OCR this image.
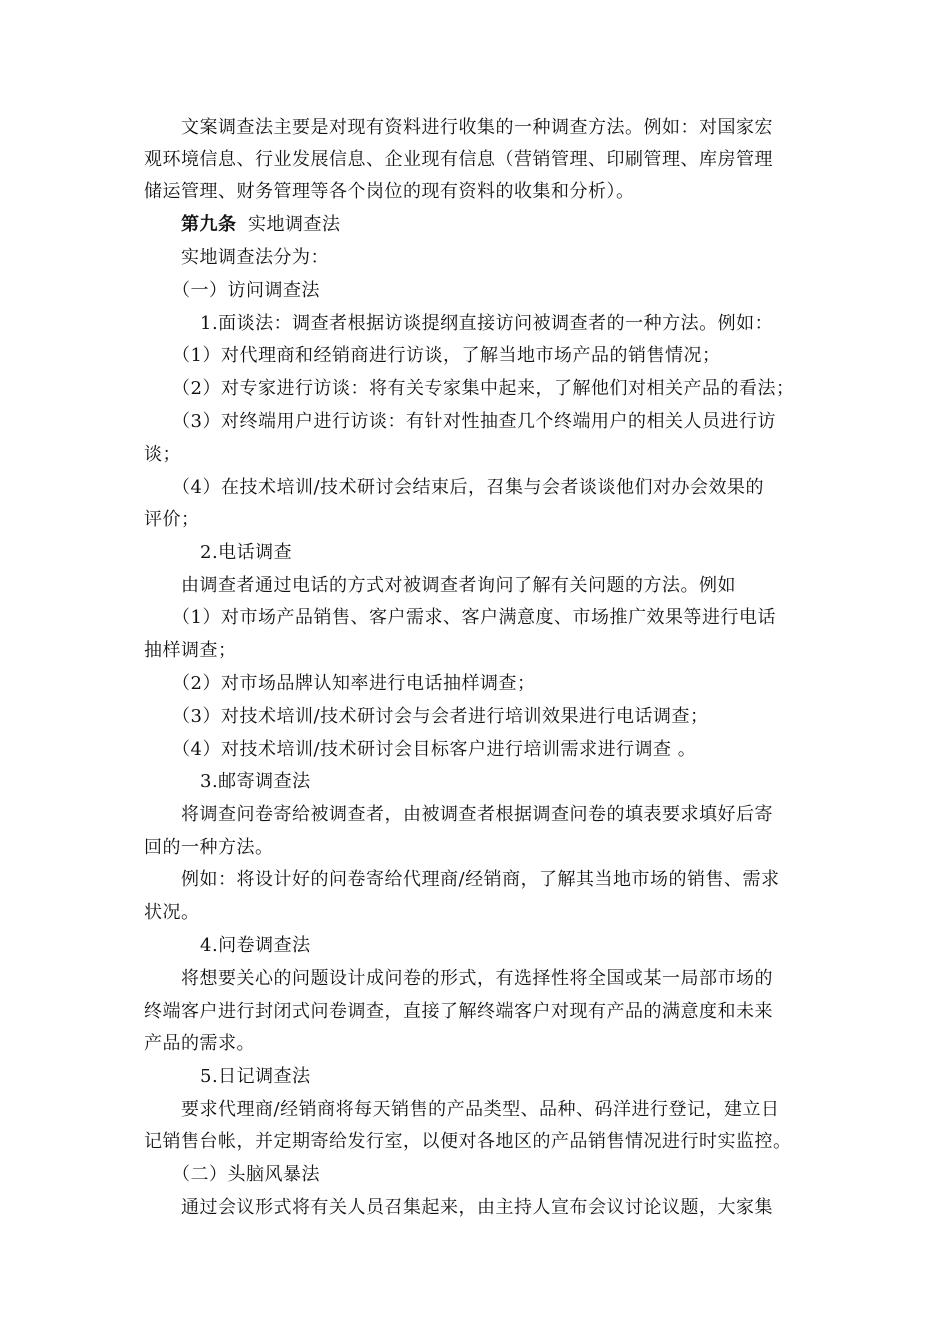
文案调查法主要是对现有资料进行收集的一种调查方法。例如：对国家宏
观环境信息、行业发展信息、企业现有信息（营销管理、印刷管理、库房管理
储运管理、财务管理等各个岗位的现有资料的收集和分析）。
第九条 实地调查法
实地调查法分为：
（一）访问调查法
1.面谈法：调查者根据访谈提纲直接访问被调查者的一种方法。例如：
（1）对代理商和经销商进行访谈，了解当地市场产品的销售情况；
（2）对专家进行访谈：将有关专家集中起来，了解他们对相关产品的看法；
（3）对终端用户进行访谈：有针对性抽查几个终端用户的相关人员进行访
谈；
（4）在技术培训/技术研讨会结束后，召集与会者谈谈他们对办会效果的
评价；
2.电话调查
由调查者通过电话的方式对被调查者询问了解有关问题的方法。例如
（1）对市场产品销售、客户需求、客户满意度、市场推广效果等进行电话
抽样调查；
（2）对市场品牌认知率进行电话抽样调查；
（3）对技术培训/技术研讨会与会者进行培训效果进行电话调查；
（4）对技术培训/技术研讨会目标客户进行培训需求进行调查 。
3.邮寄调查法
将调查问卷寄给被调查者，由被调查者根据调查问卷的填表要求填好后寄
回的一种方法。
例如：将设计好的问卷寄给代理商/经销商，了解其当地市场的销售、需求
状况。
4.问卷调查法
将想要关心的问题设计成问卷的形式，有选择性将全国或某一局部市场的
终端客户进行封闭式问卷调查，直接了解终端客户对现有产品的满意度和未来
产品的需求。
5.日记调查法
要求代理商/经销商将每天销售的产品类型、品种、码洋进行登记，建立日
记销售台帐，并定期寄给发行室，以便对各地区的产品销售情况进行时实监控。
（二）头脑风暴法
通过会议形式将有关人员召集起来，由主持人宣布会议讨论议题，大家集
